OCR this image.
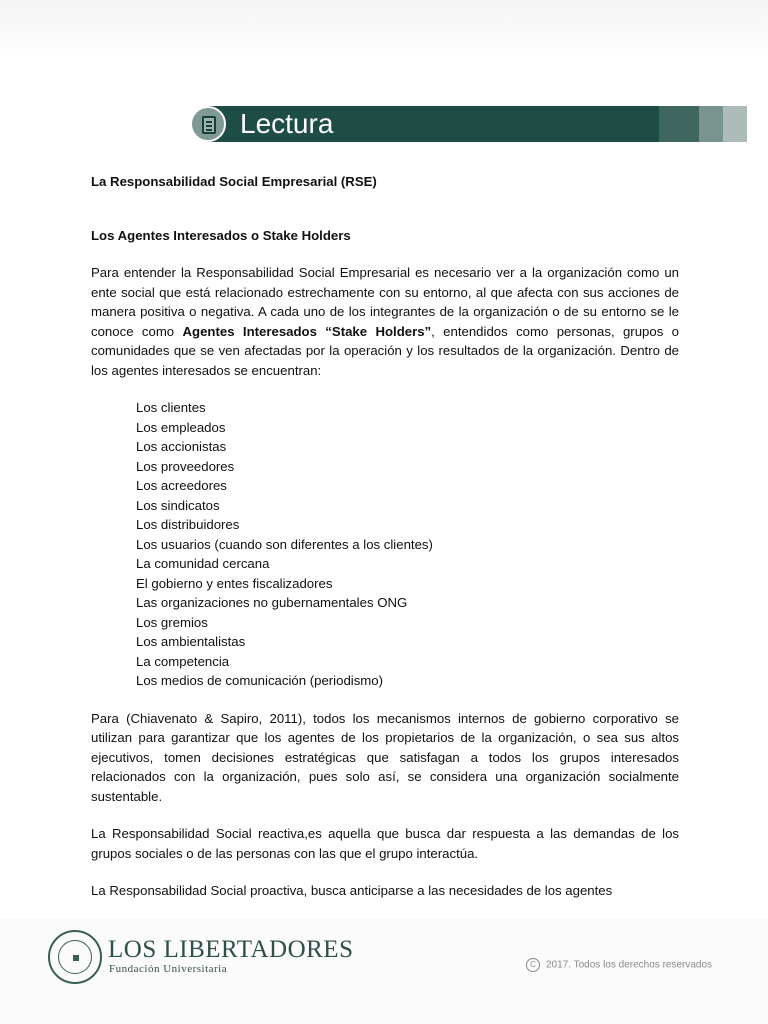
Lectura
La Responsabilidad Social Empresarial (RSE)
Los Agentes Interesados o Stake Holders

Para entender la Responsabilidad Social Empresarial es necesario ver a la organización como un ente social que está relacionado estrechamente con su entorno, al que afecta con sus acciones de manera positiva o negativa. A cada uno de los integrantes de la organización o de su entorno se le conoce como Agentes Interesados “Stake Holders”, entendidos como personas, grupos o comunidades que se ven afectadas por la operación y los resultados de la organización. Dentro de los agentes interesados se encuentran:

Los clientes
Los empleados
Los accionistas
Los proveedores
Los acreedores
Los sindicatos
Los distribuidores
Los usuarios (cuando son diferentes a los clientes)
La comunidad cercana
El gobierno y entes fiscalizadores
Las organizaciones no gubernamentales ONG
Los gremios
Los ambientalistas
La competencia
Los medios de comunicación (periodismo)

Para (Chiavenato & Sapiro, 2011), todos los mecanismos internos de gobierno corporativo se utilizan para garantizar que los agentes de los propietarios de la organización, o sea sus altos ejecutivos, tomen decisiones estratégicas que satisfagan a todos los grupos interesados relacionados con la organización, pues solo así, se considera una organización socialmente sustentable.

La Responsabilidad Social reactiva,es aquella que busca dar respuesta a las demandas de los grupos sociales o de las personas con las que el grupo interactúa.

La Responsabilidad Social proactiva, busca anticiparse a las necesidades de los agentes

LOS LIBERTADORES
Fundación Universitaria	C 2017. Todos los derechos reservados
